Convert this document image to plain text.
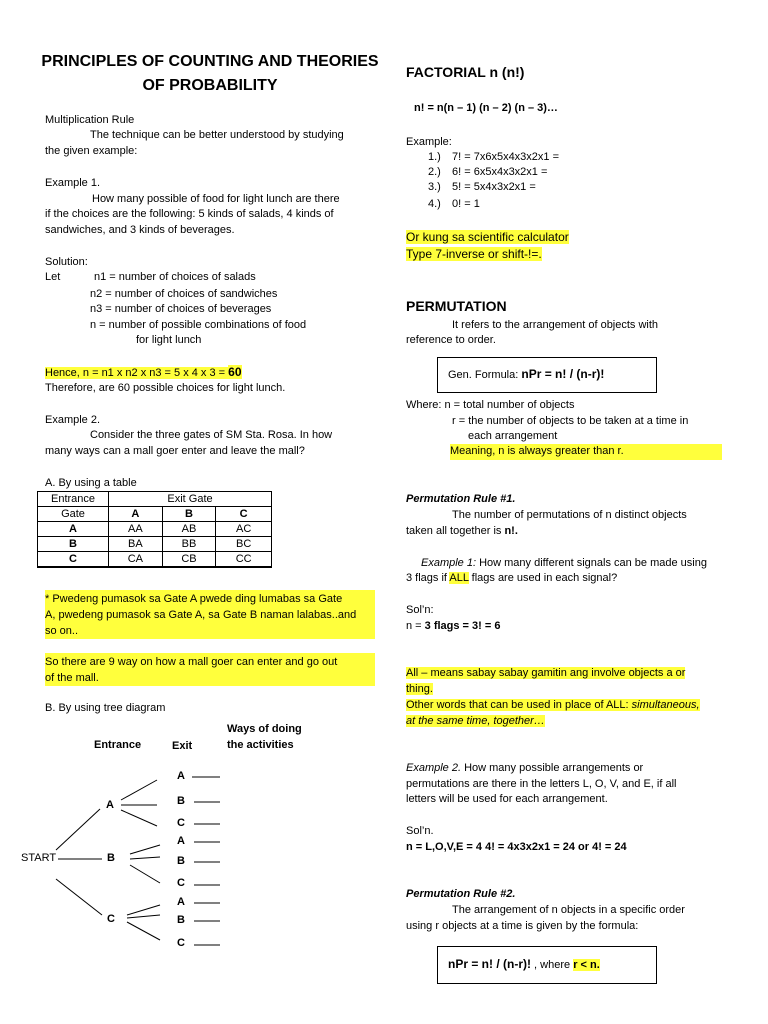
PRINCIPLES OF COUNTING AND THEORIES OF PROBABILITY
Multiplication Rule
The technique can be better understood by studying
the given example:
Example 1.
How many possible of food for light lunch are there
if the choices are the following: 5 kinds of salads, 4 kinds of
sandwiches, and 3 kinds of beverages.
Solution:
Let	n1 = number of choices of salads
n2 = number of choices of sandwiches
n3 = number of choices of beverages
n = number of possible combinations of food
for light lunch
Hence, n = n1 x n2 x n3 = 5 x 4 x 3 = 60
Therefore, are 60 possible choices for light lunch.
Example 2.
Consider the three gates of SM Sta. Rosa. In how
many ways can a mall goer enter and leave the mall?
A. By using a table
Entrance	Exit Gate		
Gate	A	B	C
A	AA	AB	AC
B	BA	BB	BC
C	CA	CB	CC
* Pwedeng pumasok sa Gate A pwede ding lumabas sa Gate
A, pwedeng pumasok sa Gate A, sa Gate B naman lalabas..and
so on..
So there are 9 way on how a mall goer can enter and go out
of the mall.
B. By using tree diagram
Ways of doing
the activities
Entrance	Exit
START
A
B
C
A
B
C
A
B
C
A
B
C
FACTORIAL n (n!)
n! = n(n – 1) (n – 2) (n – 3)…
Example:
1.) 7! = 7x6x5x4x3x2x1 =
2.) 6! = 6x5x4x3x2x1 =
3.) 5! = 5x4x3x2x1 =
4.) 0! = 1
Or kung sa scientific calculator
Type 7-inverse or shift-!=.
PERMUTATION
It refers to the arrangement of objects with
reference to order.
Gen. Formula: nPr = n! / (n-r)!
Where: n = total number of objects
r = the number of objects to be taken at a time in
each arrangement
Meaning, n is always greater than r.
Permutation Rule #1.
The number of permutations of n distinct objects
taken all together is n!.
Example 1: How many different signals can be made using
3 flags if ALL flags are used in each signal?
Sol’n:
n = 3 flags = 3! = 6
All – means sabay sabay gamitin ang involve objects a or
thing.
Other words that can be used in place of ALL: simultaneous,
at the same time, together…
Example 2. How many possible arrangements or
permutations are there in the letters L, O, V, and E, if all
letters will be used for each arrangement.
Sol’n.
n = L,O,V,E = 4 4! = 4x3x2x1 = 24 or 4! = 24
Permutation Rule #2.
The arrangement of n objects in a specific order
using r objects at a time is given by the formula:
nPr = n! / (n-r)! , where r < n.
